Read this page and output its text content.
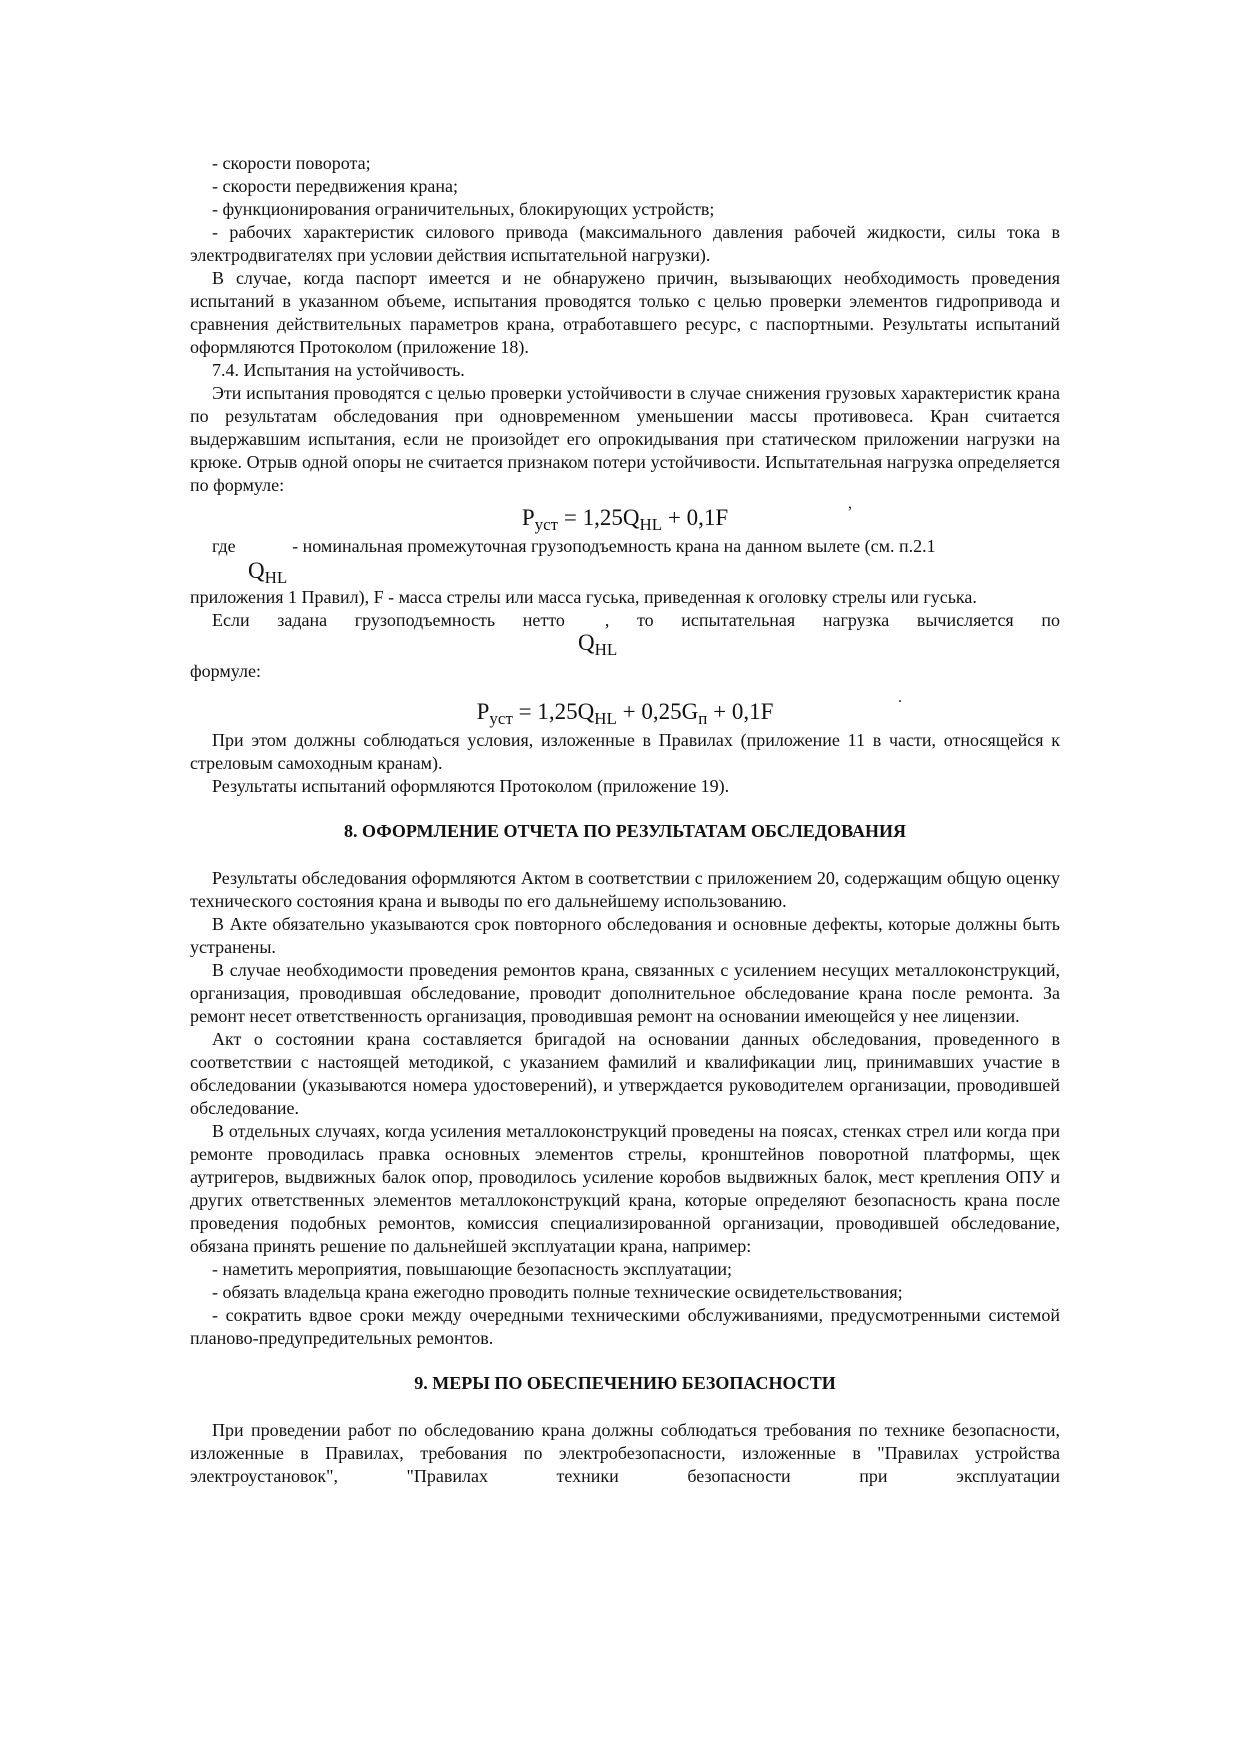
- скорости поворота;

- скорости передвижения крана;

- функционирования ограничительных, блокирующих устройств;

- рабочих характеристик силового привода (максимального давления рабочей жидкости, силы тока в электродвигателях при условии действия испытательной нагрузки).

В случае, когда паспорт имеется и не обнаружено причин, вызывающих необходимость проведения испытаний в указанном объеме, испытания проводятся только с целью проверки элементов гидропривода и сравнения действительных параметров крана, отработавшего ресурс, с паспортными. Результаты испытаний оформляются Протоколом (приложение 18).

7.4. Испытания на устойчивость.

Эти испытания проводятся с целью проверки устойчивости в случае снижения грузовых характеристик крана по результатам обследования при одновременном уменьшении массы противовеса. Кран считается выдержавшим испытания, если не произойдет его опрокидывания при статическом приложении нагрузки на крюке. Отрыв одной опоры не считается признаком потери устойчивости. Испытательная нагрузка определяется по формуле:

$P_{уст} = 1,25Q_{HL} + 0,1F$
,
где	- номинальная промежуточная грузоподъемность крана на данном вылете (см. п.2.1
$Q_{HL}$

приложения 1 Правил), F - масса стрелы или масса гуська, приведенная к оголовку стрелы или гуська.

Если задана грузоподъемность нетто , то испытательная нагрузка вычисляется по

$Q_{HL}$

формуле:

$P_{уст} = 1,25Q_{HL} + 0,25G_п + 0,1F$
.

При этом должны соблюдаться условия, изложенные в Правилах (приложение 11 в части, относящейся к стреловым самоходным кранам).

Результаты испытаний оформляются Протоколом (приложение 19).

8. ОФОРМЛЕНИЕ ОТЧЕТА ПО РЕЗУЛЬТАТАМ ОБСЛЕДОВАНИЯ

Результаты обследования оформляются Актом в соответствии с приложением 20, содержащим общую оценку технического состояния крана и выводы по его дальнейшему использованию.

В Акте обязательно указываются срок повторного обследования и основные дефекты, которые должны быть устранены.

В случае необходимости проведения ремонтов крана, связанных с усилением несущих металлоконструкций, организация, проводившая обследование, проводит дополнительное обследование крана после ремонта. За ремонт несет ответственность организация, проводившая ремонт на основании имеющейся у нее лицензии.

Акт о состоянии крана составляется бригадой на основании данных обследования, проведенного в соответствии с настоящей методикой, с указанием фамилий и квалификации лиц, принимавших участие в обследовании (указываются номера удостоверений), и утверждается руководителем организации, проводившей обследование.

В отдельных случаях, когда усиления металлоконструкций проведены на поясах, стенках стрел или когда при ремонте проводилась правка основных элементов стрелы, кронштейнов поворотной платформы, щек аутригеров, выдвижных балок опор, проводилось усиление коробов выдвижных балок, мест крепления ОПУ и других ответственных элементов металлоконструкций крана, которые определяют безопасность крана после проведения подобных ремонтов, комиссия специализированной организации, проводившей обследование, обязана принять решение по дальнейшей эксплуатации крана, например:

- наметить мероприятия, повышающие безопасность эксплуатации;

- обязать владельца крана ежегодно проводить полные технические освидетельствования;

- сократить вдвое сроки между очередными техническими обслуживаниями, предусмотренными системой планово-предупредительных ремонтов.

9. МЕРЫ ПО ОБЕСПЕЧЕНИЮ БЕЗОПАСНОСТИ

При проведении работ по обследованию крана должны соблюдаться требования по технике безопасности, изложенные в Правилах, требования по электробезопасности, изложенные в "Правилах устройства электроустановок", "Правилах техники безопасности при эксплуатации
